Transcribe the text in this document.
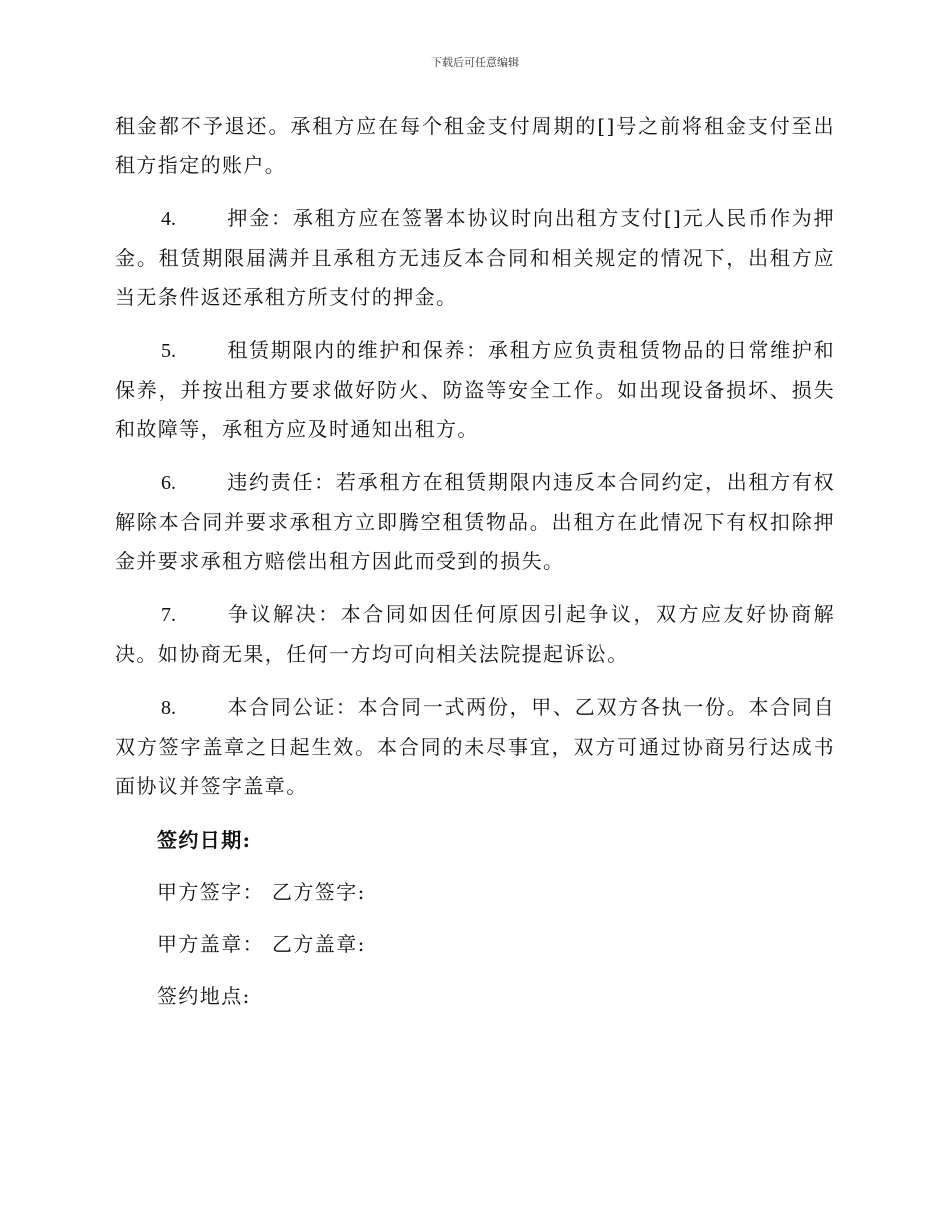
下载后可任意编辑

租金都不予退还。承租方应在每个租金支付周期的[]号之前将租金支付至出租方指定的账户。

4.	押金：承租方应在签署本协议时向出租方支付[]元人民币作为押金。租赁期限届满并且承租方无违反本合同和相关规定的情况下，出租方应当无条件返还承租方所支付的押金。

5.	租赁期限内的维护和保养：承租方应负责租赁物品的日常维护和保养，并按出租方要求做好防火、防盗等安全工作。如出现设备损坏、损失和故障等，承租方应及时通知出租方。

6.	违约责任：若承租方在租赁期限内违反本合同约定，出租方有权解除本合同并要求承租方立即腾空租赁物品。出租方在此情况下有权扣除押金并要求承租方赔偿出租方因此而受到的损失。

7.	争议解决：本合同如因任何原因引起争议，双方应友好协商解决。如协商无果，任何一方均可向相关法院提起诉讼。

8.	本合同公证：本合同一式两份，甲、乙双方各执一份。本合同自双方签字盖章之日起生效。本合同的未尽事宜，双方可通过协商另行达成书面协议并签字盖章。

签约日期:

甲方签字： 乙方签字:

甲方盖章： 乙方盖章:

签约地点:
